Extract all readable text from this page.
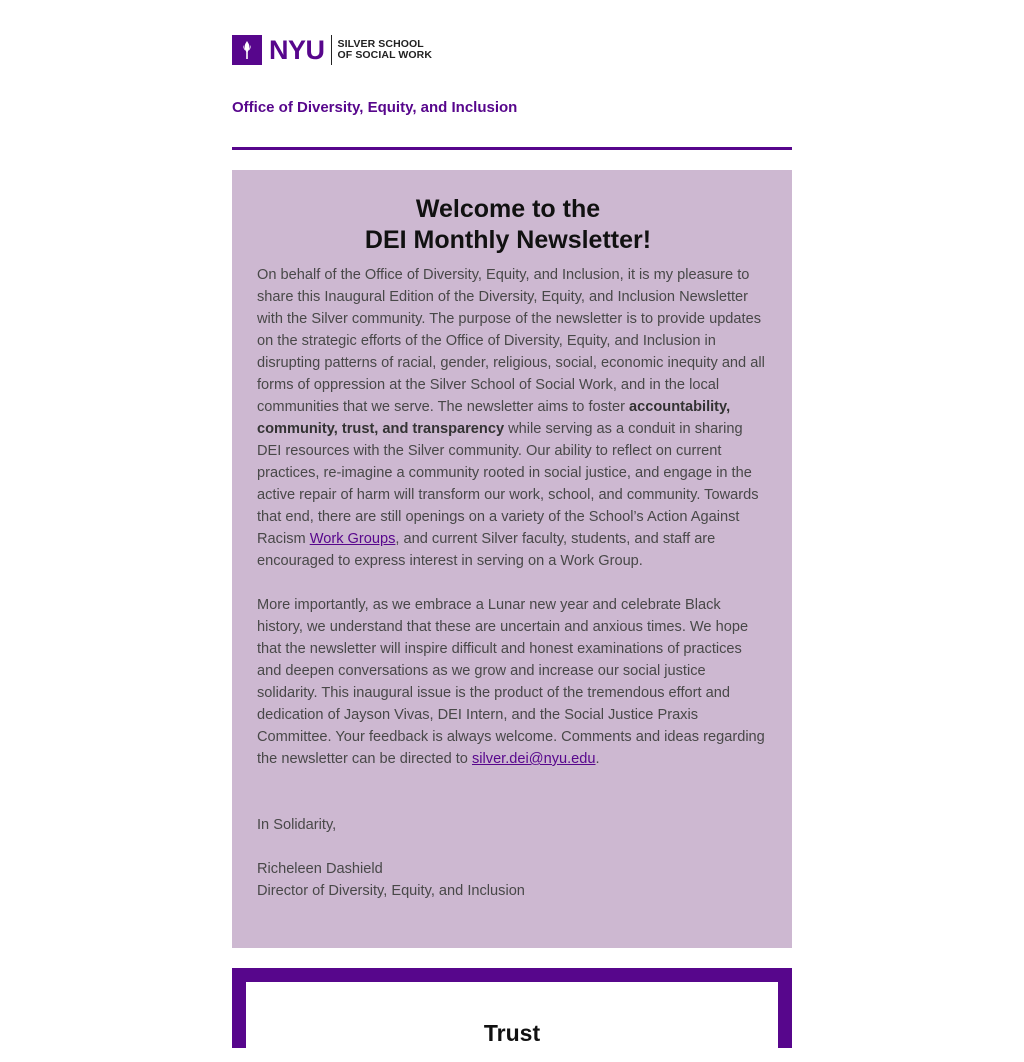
NYU SILVER SCHOOL
OF SOCIAL WORK
Office of Diversity, Equity, and Inclusion
Welcome to the
DEI Monthly Newsletter!

On behalf of the Office of Diversity, Equity, and Inclusion, it is my pleasure to share this Inaugural Edition of the Diversity, Equity, and Inclusion Newsletter with the Silver community. The purpose of the newsletter is to provide updates on the strategic efforts of the Office of Diversity, Equity, and Inclusion in disrupting patterns of racial, gender, religious, social, economic inequity and all forms of oppression at the Silver School of Social Work, and in the local communities that we serve. The newsletter aims to foster accountability, community, trust, and transparency while serving as a conduit in sharing DEI resources with the Silver community. Our ability to reflect on current practices, re-imagine a community rooted in social justice, and engage in the active repair of harm will transform our work, school, and community. Towards that end, there are still openings on a variety of the School’s Action Against Racism Work Groups, and current Silver faculty, students, and staff are encouraged to express interest in serving on a Work Group.

More importantly, as we embrace a Lunar new year and celebrate Black history, we understand that these are uncertain and anxious times. We hope that the newsletter will inspire difficult and honest examinations of practices and deepen conversations as we grow and increase our social justice solidarity. This inaugural issue is the product of the tremendous effort and dedication of Jayson Vivas, DEI Intern, and the Social Justice Praxis Committee. Your feedback is always welcome. Comments and ideas regarding the newsletter can be directed to silver.dei@nyu.edu.

In Solidarity,

Richeleen Dashield

Director of Diversity, Equity, and Inclusion

Trust
